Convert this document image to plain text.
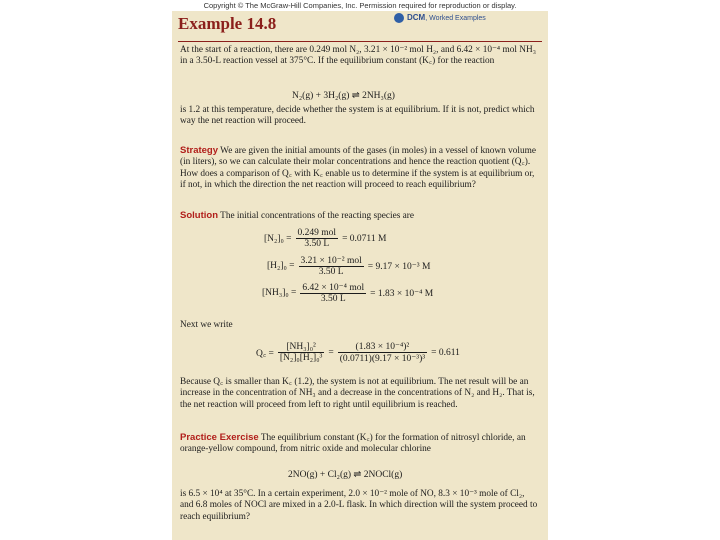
Copyright © The McGraw-Hill Companies, Inc. Permission required for reproduction or display.
Example 14.8	DCM, Worked Examples

At the start of a reaction, there are 0.249 mol N₂, 3.21 × 10⁻² mol H₂, and 6.42 × 10⁻⁴ mol NH₃ in a 3.50-L reaction vessel at 375°C. If the equilibrium constant (K꜀) for the reaction

N₂(g) + 3H₂(g) ⇌ 2NH₃(g)

is 1.2 at this temperature, decide whether the system is at equilibrium. If it is not, predict which way the net reaction will proceed.

Strategy We are given the initial amounts of the gases (in moles) in a vessel of known volume (in liters), so we can calculate their molar concentrations and hence the reaction quotient (Q꜀). How does a comparison of Q꜀ with K꜀ enable us to determine if the system is at equilibrium or, if not, in which the direction the net reaction will proceed to reach equilibrium?

Solution The initial concentrations of the reacting species are

$[N_2]_0 = \frac{\text{0.249 mol}}{3.50 L} = 0.0711$ M
$[H_2]_0 = \frac{\text{3.21 × 10⁻² mol}}{3.50 L} = 9.17 \times 10^{-3}$ M
$[NH_3]_0 = \frac{\text{6.42 × 10⁻⁴ mol}}{3.50 L} = 1.83 \times 10^{-4}$ M

Next we write

Q꜀ = $\frac{\text{[NH₃]₀²}}{\text{[N₂]₀[H₂]₀³}} = \frac{\text{(1.83 × 10⁻⁴)²}}{\text{(0.0711)(9.17 × 10⁻³)³}} = 0.611$

Because Q꜀ is smaller than K꜀ (1.2), the system is not at equilibrium. The net result will be an increase in the concentration of NH₃ and a decrease in the concentrations of N₂ and H₂. That is, the net reaction will proceed from left to right until equilibrium is reached.

Practice Exercise The equilibrium constant (K꜀) for the formation of nitrosyl chloride, an orange-yellow compound, from nitric oxide and molecular chlorine

2NO(g) + Cl₂(g) ⇌ 2NOCl(g)

is 6.5 × 10⁴ at 35°C. In a certain experiment, 2.0 × 10⁻² mole of NO, 8.3 × 10⁻³ mole of Cl₂, and 6.8 moles of NOCl are mixed in a 2.0-L flask. In which direction will the system proceed to reach equilibrium?
